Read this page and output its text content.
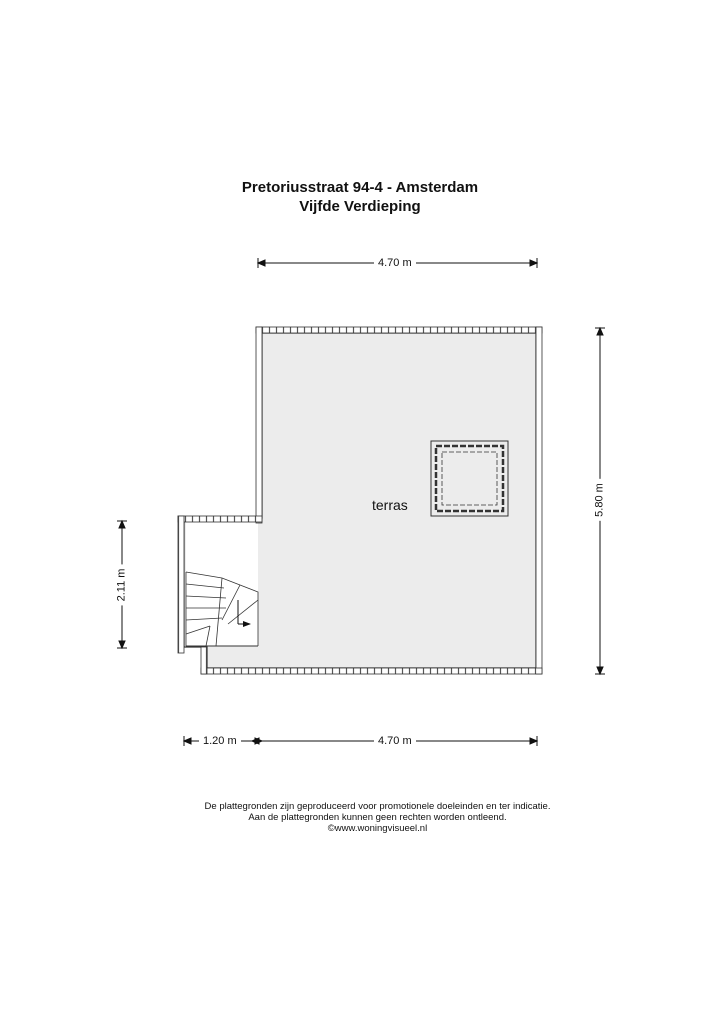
Pretoriusstraat 94-4 - Amsterdam
Vijfde Verdieping
4.70 m
5.80 m
2.11 m
1.20 m	4.70 m
terras
De plattegronden zijn geproduceerd voor promotionele doeleinden en ter indicatie.
Aan de plattegronden kunnen geen rechten worden ontleend.
©www.woningvisueel.nl
